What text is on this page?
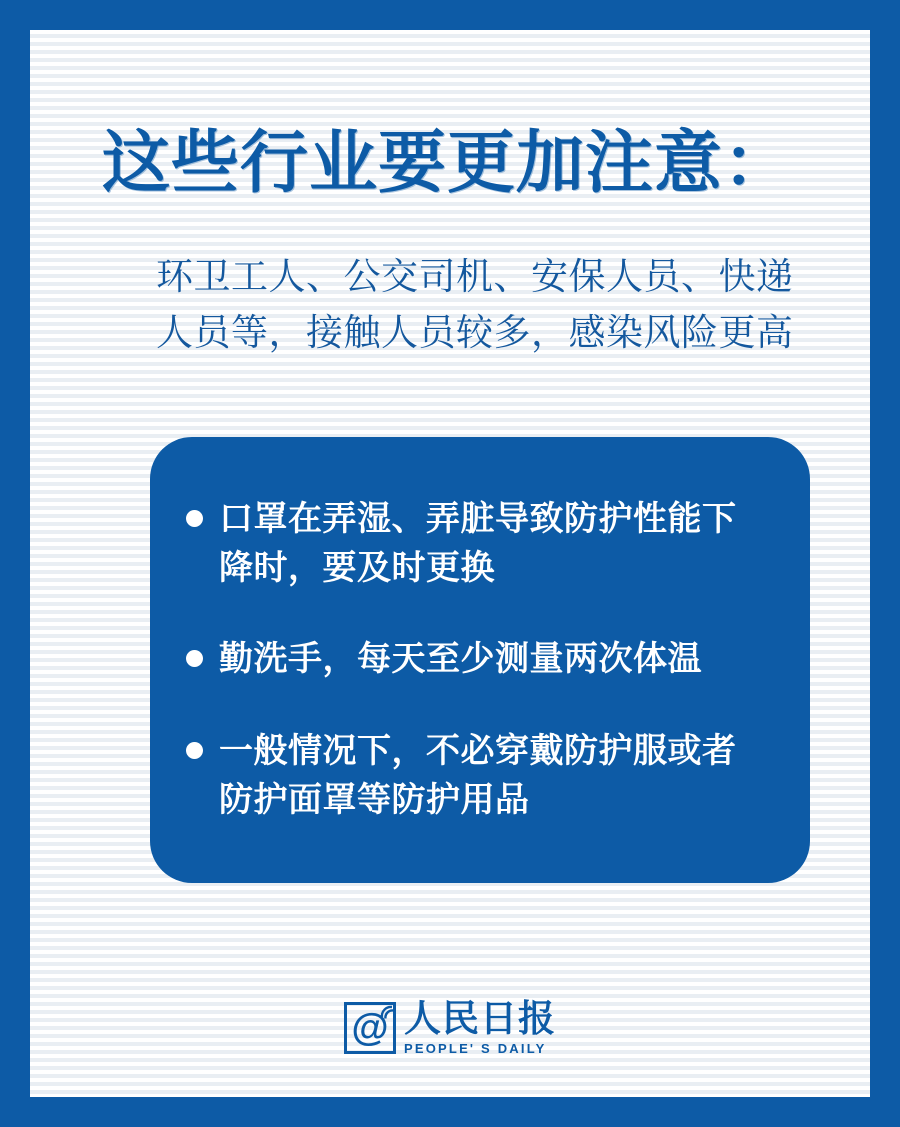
这些行业要更加注意：

环卫工人、公交司机、安保人员、快递人员等，接触人员较多，感染风险更高

口罩在弄湿、弄脏导致防护性能下降时，要及时更换
勤洗手，每天至少测量两次体温
一般情况下，不必穿戴防护服或者防护面罩等防护用品
@ 人民日报
PEOPLE' S DAILY
